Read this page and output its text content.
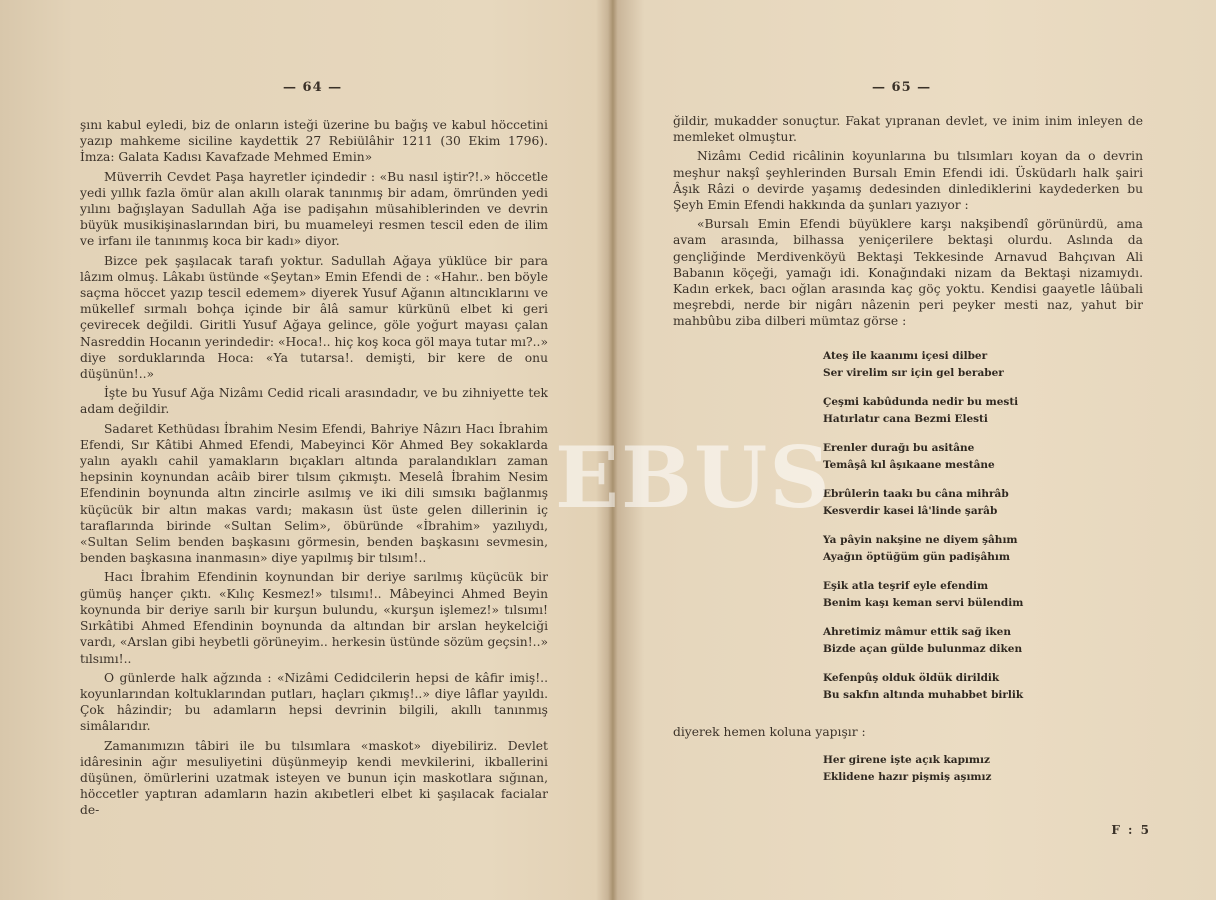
— 64 —

şını kabul eyledi, biz de onların isteği üzerine bu bağış ve kabul höccetini yazıp mahkeme siciline kaydettik 27 Rebiülâhir 1211 (30 Ekim 1796). İmza: Galata Kadısı Kavafzade Mehmed Emin»

Müverrih Cevdet Paşa hayretler içindedir : «Bu nasıl iştir?!.» höccetle yedi yıllık fazla ömür alan akıllı olarak tanınmış bir adam, ömründen yedi yılını bağışlayan Sadullah Ağa ise padişahın müsahiblerinden ve devrin büyük musikişinaslarından biri, bu muameleyi resmen tescil eden de ilim ve irfanı ile tanınmış koca bir kadı» diyor.

Bizce pek şaşılacak tarafı yoktur. Sadullah Ağaya yüklüce bir para lâzım olmuş. Lâkabı üstünde «Şeytan» Emin Efendi de : «Hahır.. ben böyle saçma höccet yazıp tescil edemem» diyerek Yusuf Ağanın altıncıklarını ve mükellef sırmalı bohça içinde bir âlâ samur kürkünü elbet ki geri çevirecek değildi. Giritli Yusuf Ağaya gelince, göle yoğurt mayası çalan Nasreddin Hocanın yerindedir: «Hoca!.. hiç koş koca göl maya tutar mı?..» diye sorduklarında Hoca: «Ya tutarsa!. demişti, bir kere de onu düşünün!..»

İşte bu Yusuf Ağa Nizâmı Cedid ricali arasındadır, ve bu zihniyette tek adam değildir.

Sadaret Kethüdası İbrahim Nesim Efendi, Bahriye Nâzırı Hacı İbrahim Efendi, Sır Kâtibi Ahmed Efendi, Mabeyinci Kör Ahmed Bey sokaklarda yalın ayaklı cahil yamakların bıçakları altında paralandıkları zaman hepsinin koynundan acâib birer tılsım çıkmıştı. Meselâ İbrahim Nesim Efendinin boynunda altın zincirle asılmış ve iki dili sımsıkı bağlanmış küçücük bir altın makas vardı; makasın üst üste gelen dillerinin iç taraflarında birinde «Sultan Selim», öbüründe «İbrahim» yazılıydı, «Sultan Selim benden başkasını görmesin, benden başkasını sevmesin, benden başkasına inanmasın» diye yapılmış bir tılsım!..

Hacı İbrahim Efendinin koynundan bir deriye sarılmış küçücük bir gümüş hançer çıktı. «Kılıç Kesmez!» tılsımı!.. Mâbeyinci Ahmed Beyin koynunda bir deriye sarılı bir kurşun bulundu, «kurşun işlemez!» tılsımı! Sırkâtibi Ahmed Efendinin boynunda da altından bir arslan heykelciği vardı, «Arslan gibi heybetli görüneyim.. herkesin üstünde sözüm geçsin!..» tılsımı!..

O günlerde halk ağzında : «Nizâmi Cedidcilerin hepsi de kâfir imiş!.. koyunlarından koltuklarından putları, haçları çıkmış!..» diye lâflar yayıldı. Çok hâzindir; bu adamların hepsi devrinin bilgili, akıllı tanınmış simâlarıdır.

Zamanımızın tâbiri ile bu tılsımlara «maskot» diyebiliriz. Devlet idâresinin ağır mesuliyetini düşünmeyip kendi mevkilerini, ikballerini düşünen, ömürlerini uzatmak isteyen ve bunun için maskotlara sığınan, höccetler yaptıran adamların hazin akıbetleri elbet ki şaşılacak facialar de-

— 65 —

ğildir, mukadder sonuçtur. Fakat yıpranan devlet, ve inim inim inleyen de memleket olmuştur.

Nizâmı Cedid ricâlinin koyunlarına bu tılsımları koyan da o devrin meşhur nakşî şeyhlerinden Bursalı Emin Efendi idi. Üsküdarlı halk şairi Âşık Râzi o devirde yaşamış dedesinden dinlediklerini kaydederken bu Şeyh Emin Efendi hakkında da şunları yazıyor :

«Bursalı Emin Efendi büyüklere karşı nakşibendî görünürdü, ama avam arasında, bilhassa yeniçerilere bektaşi olurdu. Aslında da gençliğinde Merdivenköyü Bektaşi Tekkesinde Arnavud Bahçıvan Ali Babanın köçeği, yamağı idi. Konağındaki nizam da Bektaşi nizamıydı. Kadın erkek, bacı oğlan arasında kaç göç yoktu. Kendisi gaayetle lâübali meşrebdi, nerde bir nigârı nâzenin peri peyker mesti naz, yahut bir mahbûbu ziba dilberi mümtaz görse :

Ateş ile kaanımı içesi dilber
Ser virelim sır için gel beraber
Çeşmi kabûdunda nedir bu mesti
Hatırlatır cana Bezmi Elesti
Erenler durağı bu asitâne
Temâşâ kıl âşıkaane mestâne
Ebrûlerin taakı bu câna mihrâb
Kesverdir kasei lâ'linde şarâb
Ya pâyin nakşine ne diyem şâhım
Ayağın öptüğüm gün padişâhım
Eşik atla teşrif eyle efendim
Benim kaşı keman servi bülendim
Ahretimiz mâmur ettik sağ iken
Bizde açan gülde bulunmaz diken
Kefenpûş olduk öldük dirildik
Bu sakfın altında muhabbet birlik

diyerek hemen koluna yapışır :

Her girene işte açık kapımız
Eklidene hazır pişmiş aşımız
F : 5
EBUS
